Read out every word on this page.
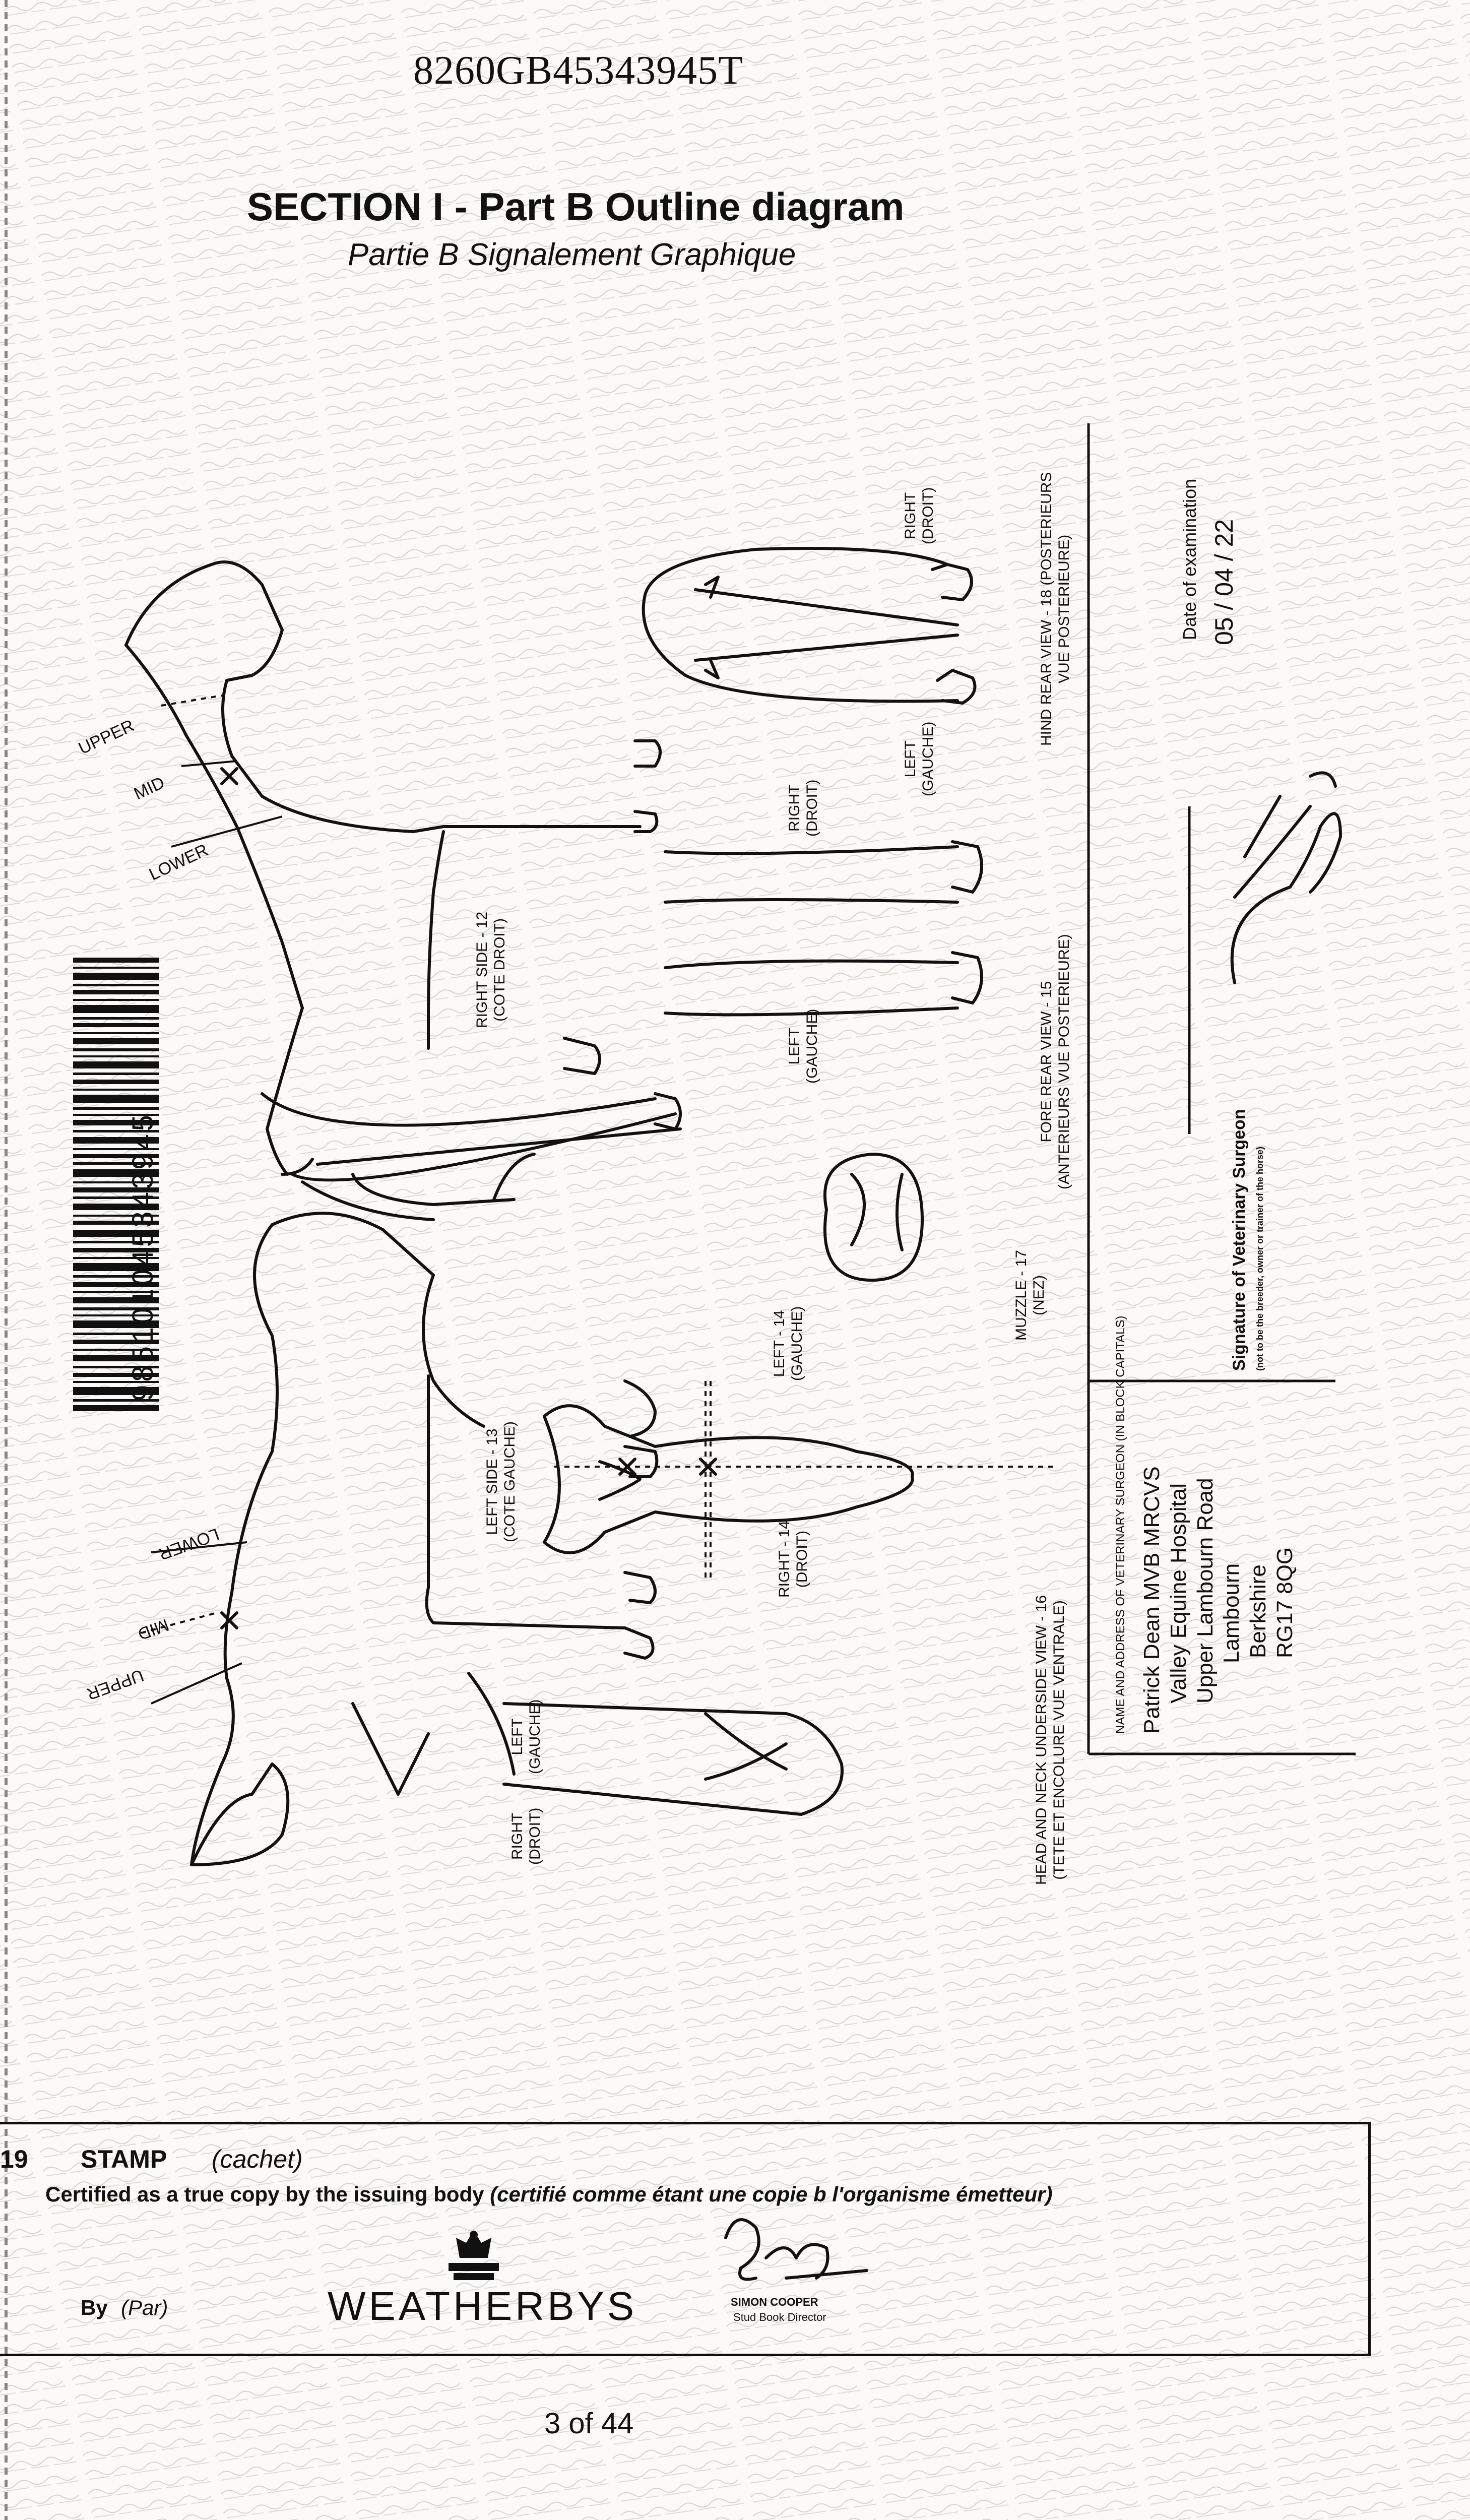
8260GB45343945T
SECTION I - Part B Outline diagram
Partie B Signalement Graphique
985101045343945
UPPER
MID
LOWER
LOWER
MID
UPPER
RIGHT SIDE - 12
(COTE DROIT)
LEFT SIDE - 13
(COTE GAUCHE)
LEFT - 14
(GAUCHE)
RIGHT - 14
(DROIT)
LEFT
(GAUCHE)
RIGHT
(DROIT)
LEFT
(GAUCHE)
RIGHT
(DROIT)
FORE REAR VIEW - 15
(ANTERIEURS VUE POSTERIEURE)
HIND REAR VIEW - 18 (POSTERIEURS
VUE POSTERIEURE)
MUZZLE - 17
(NEZ)
HEAD AND NECK UNDERSIDE VIEW - 16
(TETE ET ENCOLURE VUE VENTRALE)
LEFT
(GAUCHE)
RIGHT
(DROIT)
NAME AND ADDRESS OF VETERINARY SURGEON (IN BLOCK CAPITALS) Patrick Dean MVB MRCVS Valley Equine Hospital Upper Lambourn Road Lambourn Berkshire RG17 8QG
Signature of Veterinary Surgeon (not to be the breeder, owner or trainer of the horse)
Date of examination 05 / 04 / 22
19 STAMP (cachet)
Certified as a true copy by the issuing body (certifié comme étant une copie b l'organisme émetteur)
By (Par)	WEATHERBYS	SIMON COOPER
Stud Book Director
3 of 44
